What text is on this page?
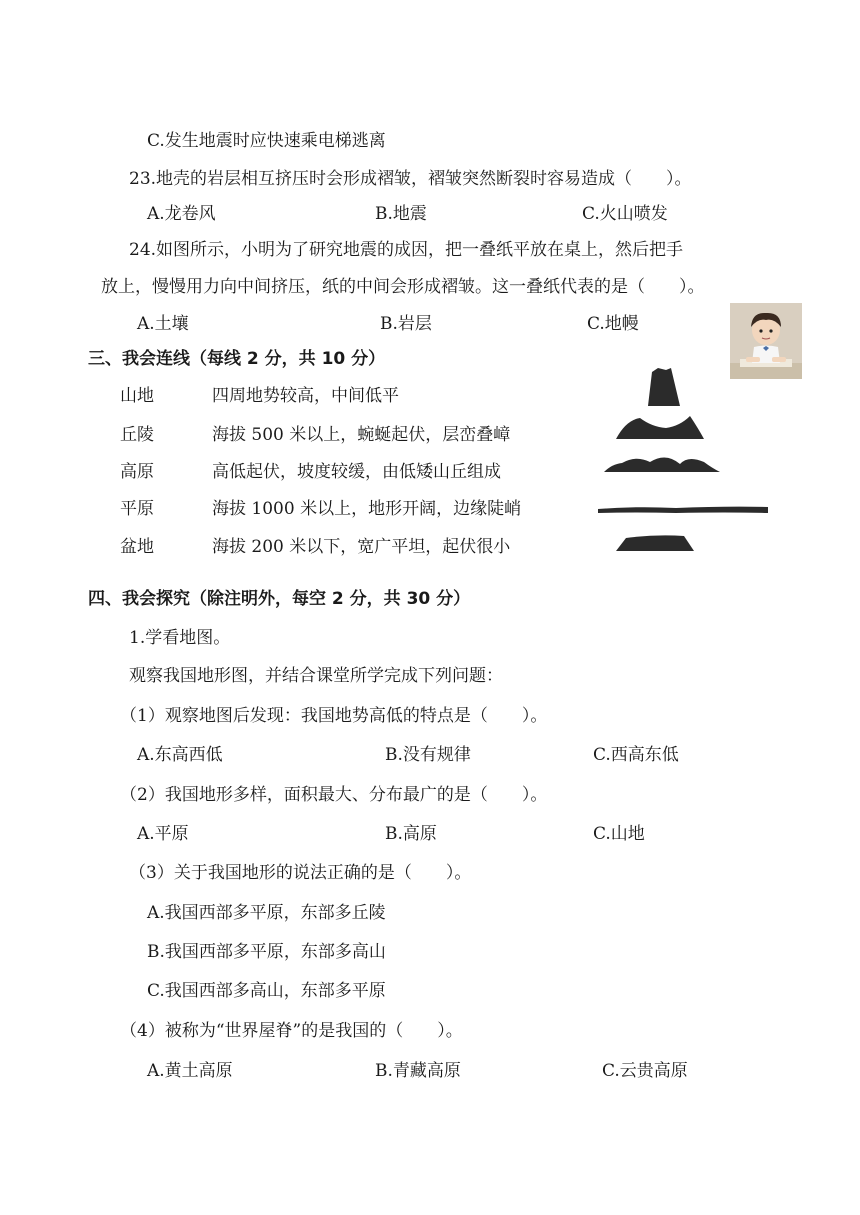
C.发生地震时应快速乘电梯逃离
23.地壳的岩层相互挤压时会形成褶皱，褶皱突然断裂时容易造成（　　）。
A.龙卷风	B.地震	C.火山喷发
24.如图所示，小明为了研究地震的成因，把一叠纸平放在桌上，然后把手
放上，慢慢用力向中间挤压，纸的中间会形成褶皱。这一叠纸代表的是（　　）。
A.土壤	B.岩层	C.地幔
三、我会连线（每线 2 分，共 10 分）
山地	四周地势较高，中间低平
丘陵	海拔 500 米以上，蜿蜒起伏，层峦叠嶂
高原	高低起伏，坡度较缓，由低矮山丘组成
平原	海拔 1000 米以上，地形开阔，边缘陡峭
盆地	海拔 200 米以下，宽广平坦，起伏很小
四、我会探究（除注明外，每空 2 分，共 30 分）
1.学看地图。
观察我国地形图，并结合课堂所学完成下列问题：
（1）观察地图后发现：我国地势高低的特点是（　　）。
A.东高西低	B.没有规律	C.西高东低
（2）我国地形多样，面积最大、分布最广的是（　　）。
A.平原	B.高原	C.山地
（3）关于我国地形的说法正确的是（　　）。
A.我国西部多平原，东部多丘陵
B.我国西部多平原，东部多高山
C.我国西部多高山，东部多平原
（4）被称为“世界屋脊”的是我国的（　　）。
A.黄土高原	B.青藏高原	C.云贵高原
